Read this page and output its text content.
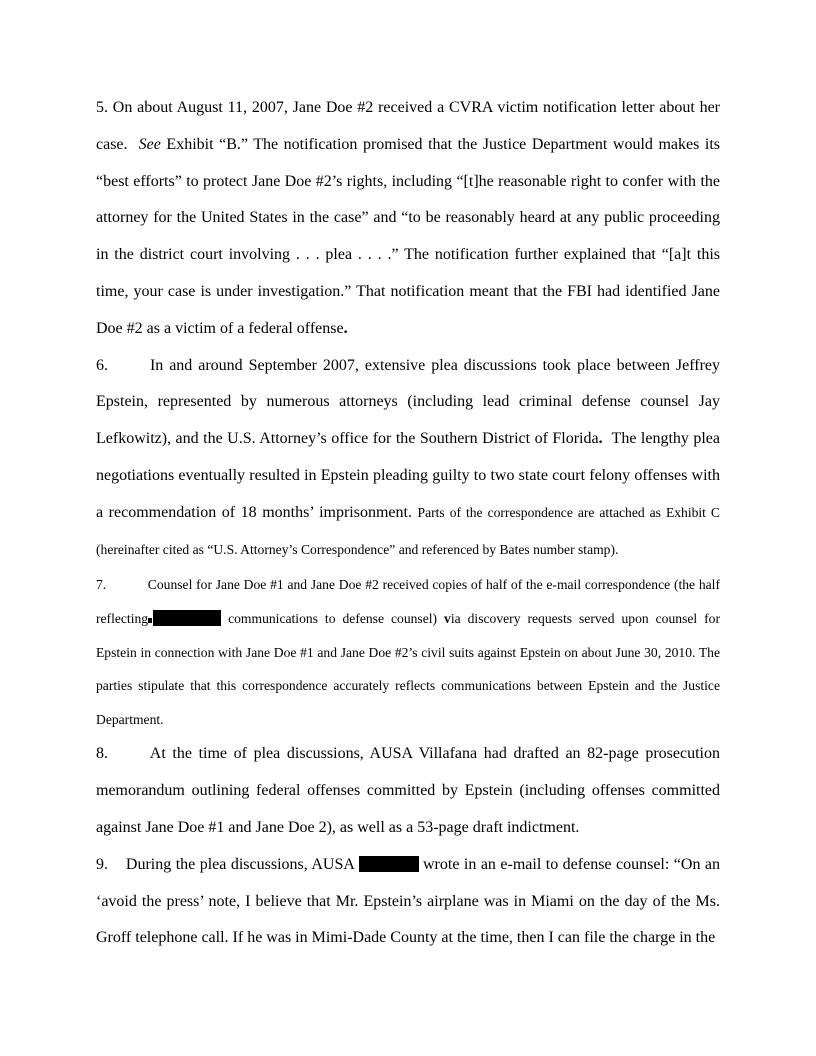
5. On about August 11, 2007, Jane Doe #2 received a CVRA victim notification letter about her case. See Exhibit “B.” The notification promised that the Justice Department would makes its “best efforts” to protect Jane Doe #2’s rights, including “[t]he reasonable right to confer with the attorney for the United States in the case” and “to be reasonably heard at any public proceeding in the district court involving . . . plea . . . .” The notification further explained that “[a]t this time, your case is under investigation.” That notification meant that the FBI had identified Jane Doe #2 as a victim of a federal offense.

6.	In and around September 2007, extensive plea discussions took place between Jeffrey Epstein, represented by numerous attorneys (including lead criminal defense counsel Jay Lefkowitz), and the U.S. Attorney’s office for the Southern District of Florida. The lengthy plea negotiations eventually resulted in Epstein pleading guilty to two state court felony offenses with a recommendation of 18 months’ imprisonment. Parts of the correspondence are attached as Exhibit C (hereinafter cited as “U.S. Attorney’s Correspondence” and referenced by Bates number stamp).

7.	Counsel for Jane Doe #1 and Jane Doe #2 received copies of half of the e-mail correspondence (the half reflecting	communications to defense counsel) via discovery requests served upon counsel for Epstein in connection with Jane Doe #1 and Jane Doe #2’s civil suits against Epstein on about June 30, 2010. The parties stipulate that this correspondence accurately reflects communications between Epstein and the Justice Department.

8.	At the time of plea discussions, AUSA Villafana had drafted an 82-page prosecution memorandum outlining federal offenses committed by Epstein (including offenses committed against Jane Doe #1 and Jane Doe 2), as well as a 53-page draft indictment.

9. During the plea discussions, AUSA	wrote in an e-mail to defense counsel: “On an ‘avoid the press’ note, I believe that Mr. Epstein’s airplane was in Miami on the day of the Ms. Groff telephone call. If he was in Mimi-Dade County at the time, then I can file the charge in the
